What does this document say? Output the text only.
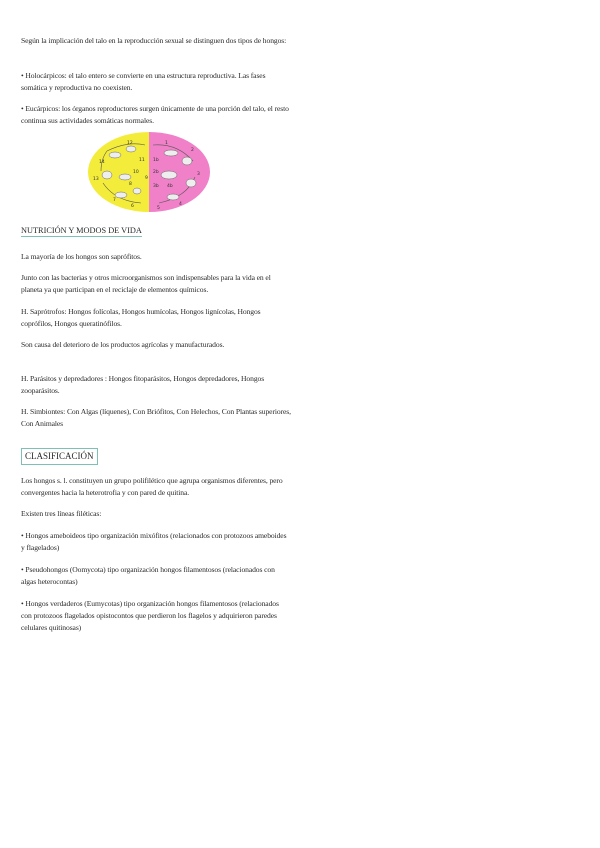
Según la implicación del talo en la reproducción sexual se distinguen dos tipos de hongos:
• Holocárpicos: el talo entero se convierte en una estructura reproductiva. Las fases somática y reproductiva no coexisten.
• Eucárpicos: los órganos reproductores surgen únicamente de una porción del talo, el resto continua sus actividades somáticas normales.
12
13
14	11
10
9
8
7
6	5
4
3
2
1
1b
2b
3b 4b
NUTRICIÓN Y MODOS DE VIDA
La mayoría de los hongos son saprófitos.
Junto con las bacterias y otros microorganismos son indispensables para la vida en el planeta ya que participan en el reciclaje de elementos químicos.
H. Saprótrofos: Hongos folícolas, Hongos humícolas, Hongos lignícolas, Hongos coprófilos, Hongos queratinófilos.
Son causa del deterioro de los productos agrícolas y manufacturados.
H. Parásitos y depredadores : Hongos fitoparásitos, Hongos depredadores, Hongos zooparásitos.
H. Simbiontes: Con Algas (líquenes), Con Briófitos, Con Helechos, Con Plantas superiores, Con Animales
CLASIFICACIÓN
Los hongos s. l. constituyen un grupo polifilético que agrupa organismos diferentes, pero convergentes hacia la heterotrofia y con pared de quitina.
Existen tres líneas filéticas:
• Hongos ameboideos tipo organización mixófitos (relacionados con protozoos ameboides y flagelados)
• Pseudohongos (Oomycota) tipo organización hongos filamentosos (relacionados con algas heterocontas)
• Hongos verdaderos (Eumycotas) tipo organización hongos filamentosos (relacionados con protozoos flagelados opistocontos que perdieron los flagelos y adquirieron paredes celulares quitinosas)
